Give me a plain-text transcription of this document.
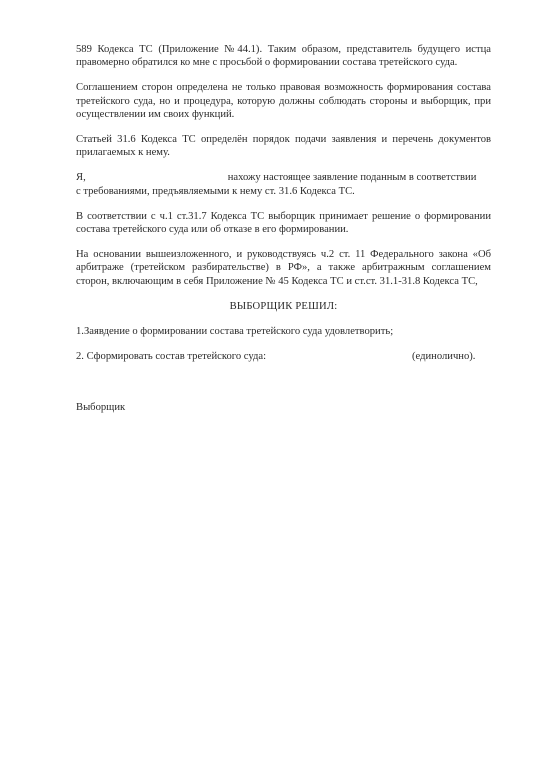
589 Кодекса ТС (Приложение №44.1). Таким образом, представитель будущего истца
правомерно обратился ко мне с просьбой о формировании состава третейского суда.
Соглашением сторон определена не только правовая возможность формирования состава
третейского суда, но и процедура, которую должны соблюдать стороны и выборщик, при
осуществлении им своих функций.
Статьей 31.6 Кодекса ТС определён порядок подачи заявления и перечень документов
прилагаемых к нему.
Я,	нахожу настоящее заявление поданным в соответствии
с требованиями, предъявляемыми к нему ст. 31.6 Кодекса ТС.
В соответствии с ч.1 ст.31.7 Кодекса ТС выборщик принимает решение о формировании
состава третейского суда или об отказе в его формировании.
На основании вышеизложенного, и руководствуясь ч.2 ст. 11 Федерального закона «Об
арбитраже (третейском разбирательстве) в РФ», а также арбитражным соглашением
сторон, включающим в себя Приложение № 45 Кодекса ТС и ст.ст. 31.1-31.8 Кодекса ТС,
ВЫБОРЩИК РЕШИЛ:
1.Заявдение о формировании состава третейского суда удовлетворить;
2. Сформировать состав третейского суда:	(единолично).
Выборщик
